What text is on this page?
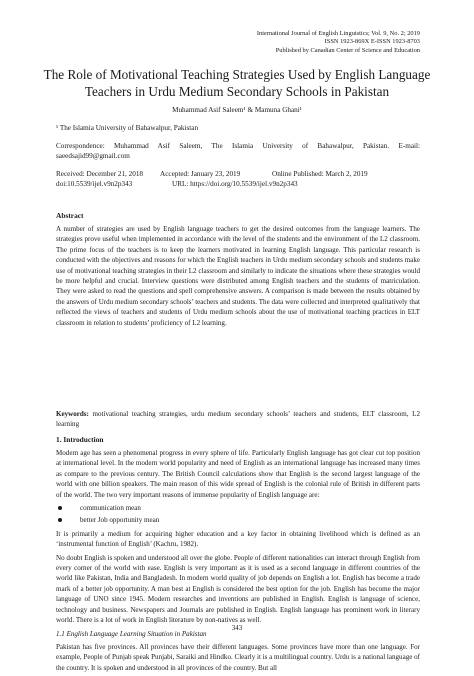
International Journal of English Linguistics; Vol. 9, No. 2; 2019
ISSN 1923-869X E-ISSN 1923-8703
Published by Canadian Center of Science and Education
The Role of Motivational Teaching Strategies Used by English Language Teachers in Urdu Medium Secondary Schools in Pakistan
Muhammad Asif Saleem¹ & Mamuna Ghani¹
¹ The Islamia University of Bahawalpur, Pakistan
Correspondence: Muhammad Asif Saleem, The Islamia University of Bahawalpur, Pakistan. E-mail: saeedsajid99@gmail.com
Received: December 21, 2018 Accepted: January 23, 2019	Online Published: March 2, 2019
doi:10.5539/ijel.v9n2p343	URL: https://doi.org/10.5539/ijel.v9n2p343
Abstract
A number of strategies are used by English language teachers to get the desired outcomes from the language learners. The strategies prove useful when implemented in accordance with the level of the students and the environment of the L2 classroom. The prime focus of the teachers is to keep the learners motivated in learning English language. This particular research is conducted with the objectives and reasons for which the English teachers in Urdu medium secondary schools and students make use of motivational teaching strategies in their L2 classroom and similarly to indicate the situations where these strategies would be more helpful and crucial. Interview questions were distributed among English teachers and the students of matriculation. They were asked to read the questions and spell comprehensive answers. A comparison is made between the results obtained by the answers of Urdu medium secondary schools’ teachers and students. The data were collected and interpreted qualitatively that reflected the views of teachers and students of Urdu medium schools about the use of motivational teaching practices in ELT classroom in relation to students’ proficiency of L2 learning.
Keywords: motivational teaching strategies, urdu medium secondary schools’ teachers and students, ELT classroom, L2 learning
1. Introduction

Modern age has seen a phenomenal progress in every sphere of life. Particularly English language has got clear cut top position at international level. In the modern world popularity and need of English as an international language has increased many times as compare to the previous century. The British Council calculations show that English is the second largest language of the world with one billion speakers. The main reason of this wide spread of English is the colonial rule of British in different parts of the world. The two very important reasons of immense popularity of English language are:

communication mean
better Job opportunity mean

It is primarily a medium for acquiring higher education and a key factor in obtaining livelihood which is defined as an ‘instrumental function of English’ (Kachru, 1982).

No doubt English is spoken and understood all over the globe. People of different nationalities can interact through English from every corner of the world with ease. English is very important as it is used as a second language in different countries of the world like Pakistan, India and Bangladesh. In modern world quality of job depends on English a lot. English has become a trade mark of a better job opportunity. A man best at English is considered the best option for the job. English has become the major language of UNO since 1945. Modern researches and inventions are published in English. English is language of science, technology and business. Newspapers and Journals are published in English. English language has prominent work in literary world. There is a lot of work in English literature by non-natives as well.

1.1 English Language Learning Situation in Pakistan

Pakistan has five provinces. All provinces have their different languages. Some provinces have more than one language. For example, People of Punjab speak Punjabi, Saraiki and Hindko. Clearly it is a multilingual country. Urdu is a national language of the country. It is spoken and understood in all provinces of the country. But all

343
